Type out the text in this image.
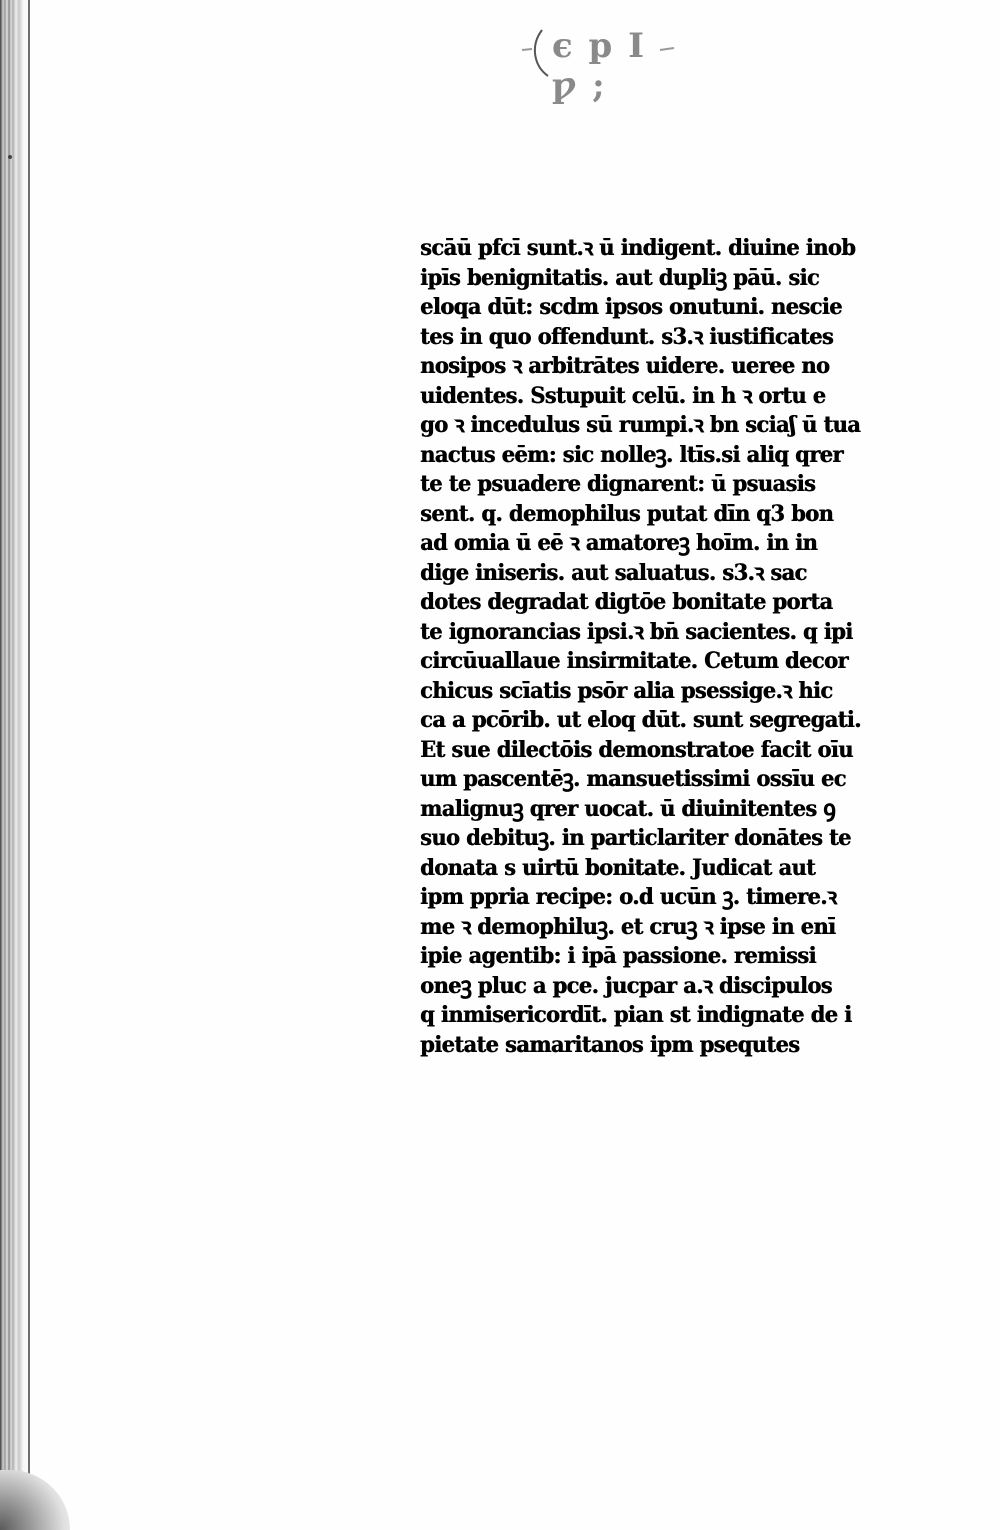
ϵ p I ƿ ;
scāū pfcī sunt.ꝛ ū indigent. diuine inob
ipīs benignitatis. aut dupliꝫ pāū. sic
eloqa dūt: scdm ipsos onutuni. nescie
tes in quo offendunt. s3.ꝛ iustificates
nosipos ꝛ arbitrātes uidere. ueree no
uidentes. Sstupuit celū. in h ꝛ ortu e
go ꝛ incedulus sū rumpi.ꝛ bn sciaʃ ū tua
nactus eēm: sic nolleꝫ. ltīs.si aliq qrer
te te psuadere dignarent: ū psuasis
sent. q. demophilus putat dīn q3 bon
ad omia ū eē ꝛ amatoreꝫ hoīm. in in
dige iniseris. aut saluatus. s3.ꝛ sac
dotes degradat digtōe bonitate porta
te ignorancias ipsi.ꝛ bn̄ sacientes. q ipi
circūuallaue insirmitate. Cetum decor
chicus scīatis psōr alia psessige.ꝛ hic
ca a pcōrib. ut eloq dūt. sunt segregati.
Et sue dilectōis demonstratoe facit oīu
um pascentēꝫ. mansuetissimi ossīu ec
malignuꝫ qrer uocat. ū diuinitentes ꝯ
suo debituꝫ. in particlariter donātes te
donata s uirtū bonitate. Judicat aut
ipm ppria recipe: o.d ucūn ꝫ. timere.ꝛ
me ꝛ demophiluꝫ. et cruꝫ ꝛ ipse in enī
ipie agentib: i ipā passione. remissi
oneꝫ pluc a pce. jucpar a.ꝛ discipulos
q inmisericordīt. pian st indignate de i
pietate samaritanos ipm psequtes
